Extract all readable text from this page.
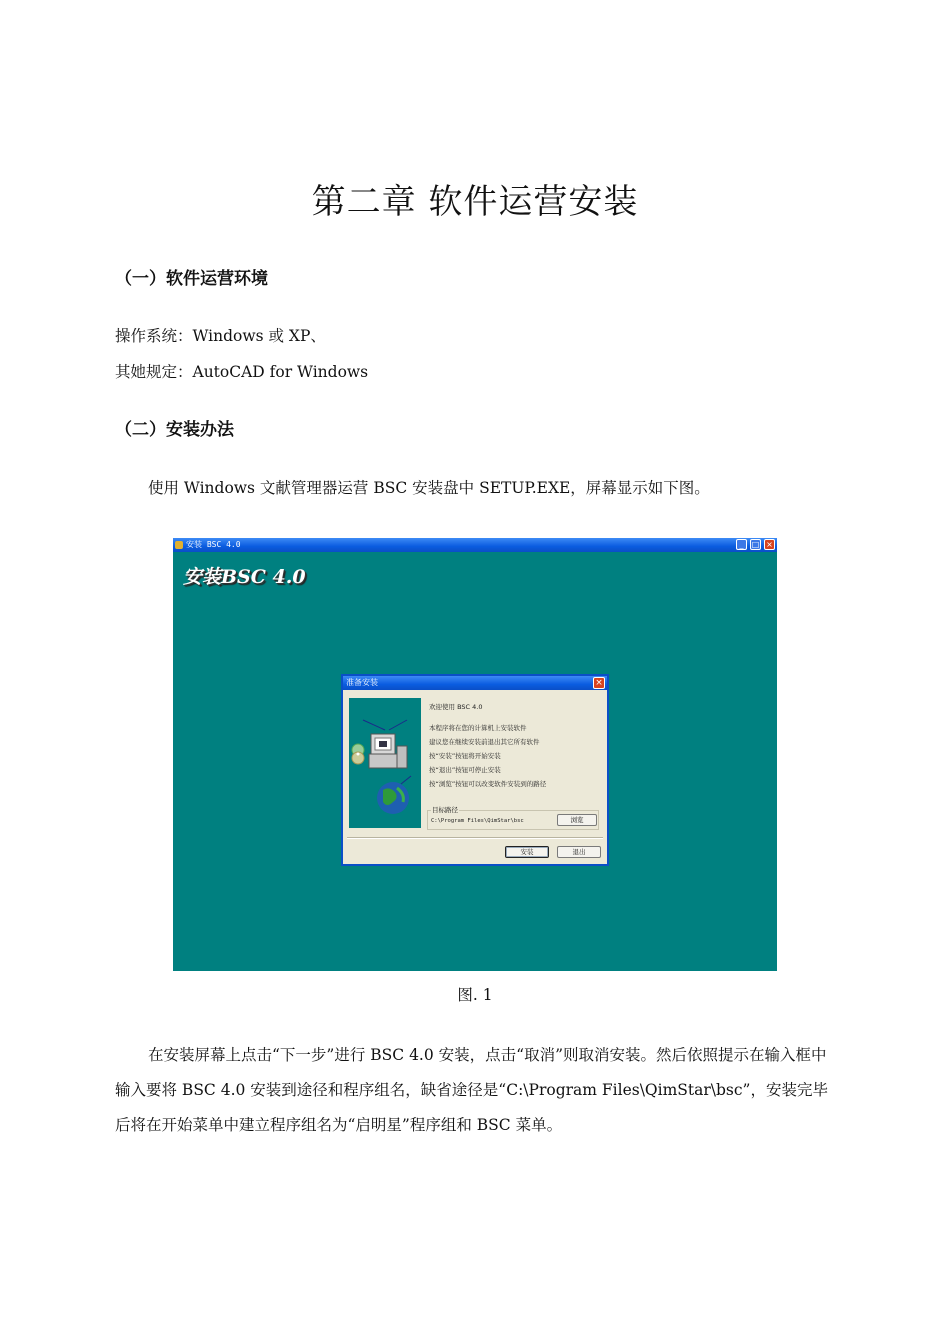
第二章 软件运营安装
（一）软件运营环境
操作系统：Windows 或 XP、
其她规定：AutoCAD for Windows
（二）安装办法
使用 Windows 文献管理器运营 BSC 安装盘中 SETUP.EXE，屏幕显示如下图。
安装 BSC 4.0	_	□ ×
安装BSC 4.0
准备安装	×
欢迎使用 BSC 4.0
本程序将在您的计算机上安装软件
建议您在继续安装前退出其它所有软件
按“安装”按钮将开始安装
按“退出”按钮可停止安装
按“浏览”按钮可以改变软件安装到的路径
目标路径
C:\Program Files\QimStar\bsc	浏览
安装	退出
图. 1
在安装屏幕上点击“下一步”进行 BSC 4.0 安装，点击“取消”则取消安装。然后依照提示在输入框中输入要将 BSC 4.0 安装到途径和程序组名，缺省途径是“C:\Program Files\QimStar\bsc”，安装完毕后将在开始菜单中建立程序组名为“启明星”程序组和 BSC 菜单。
